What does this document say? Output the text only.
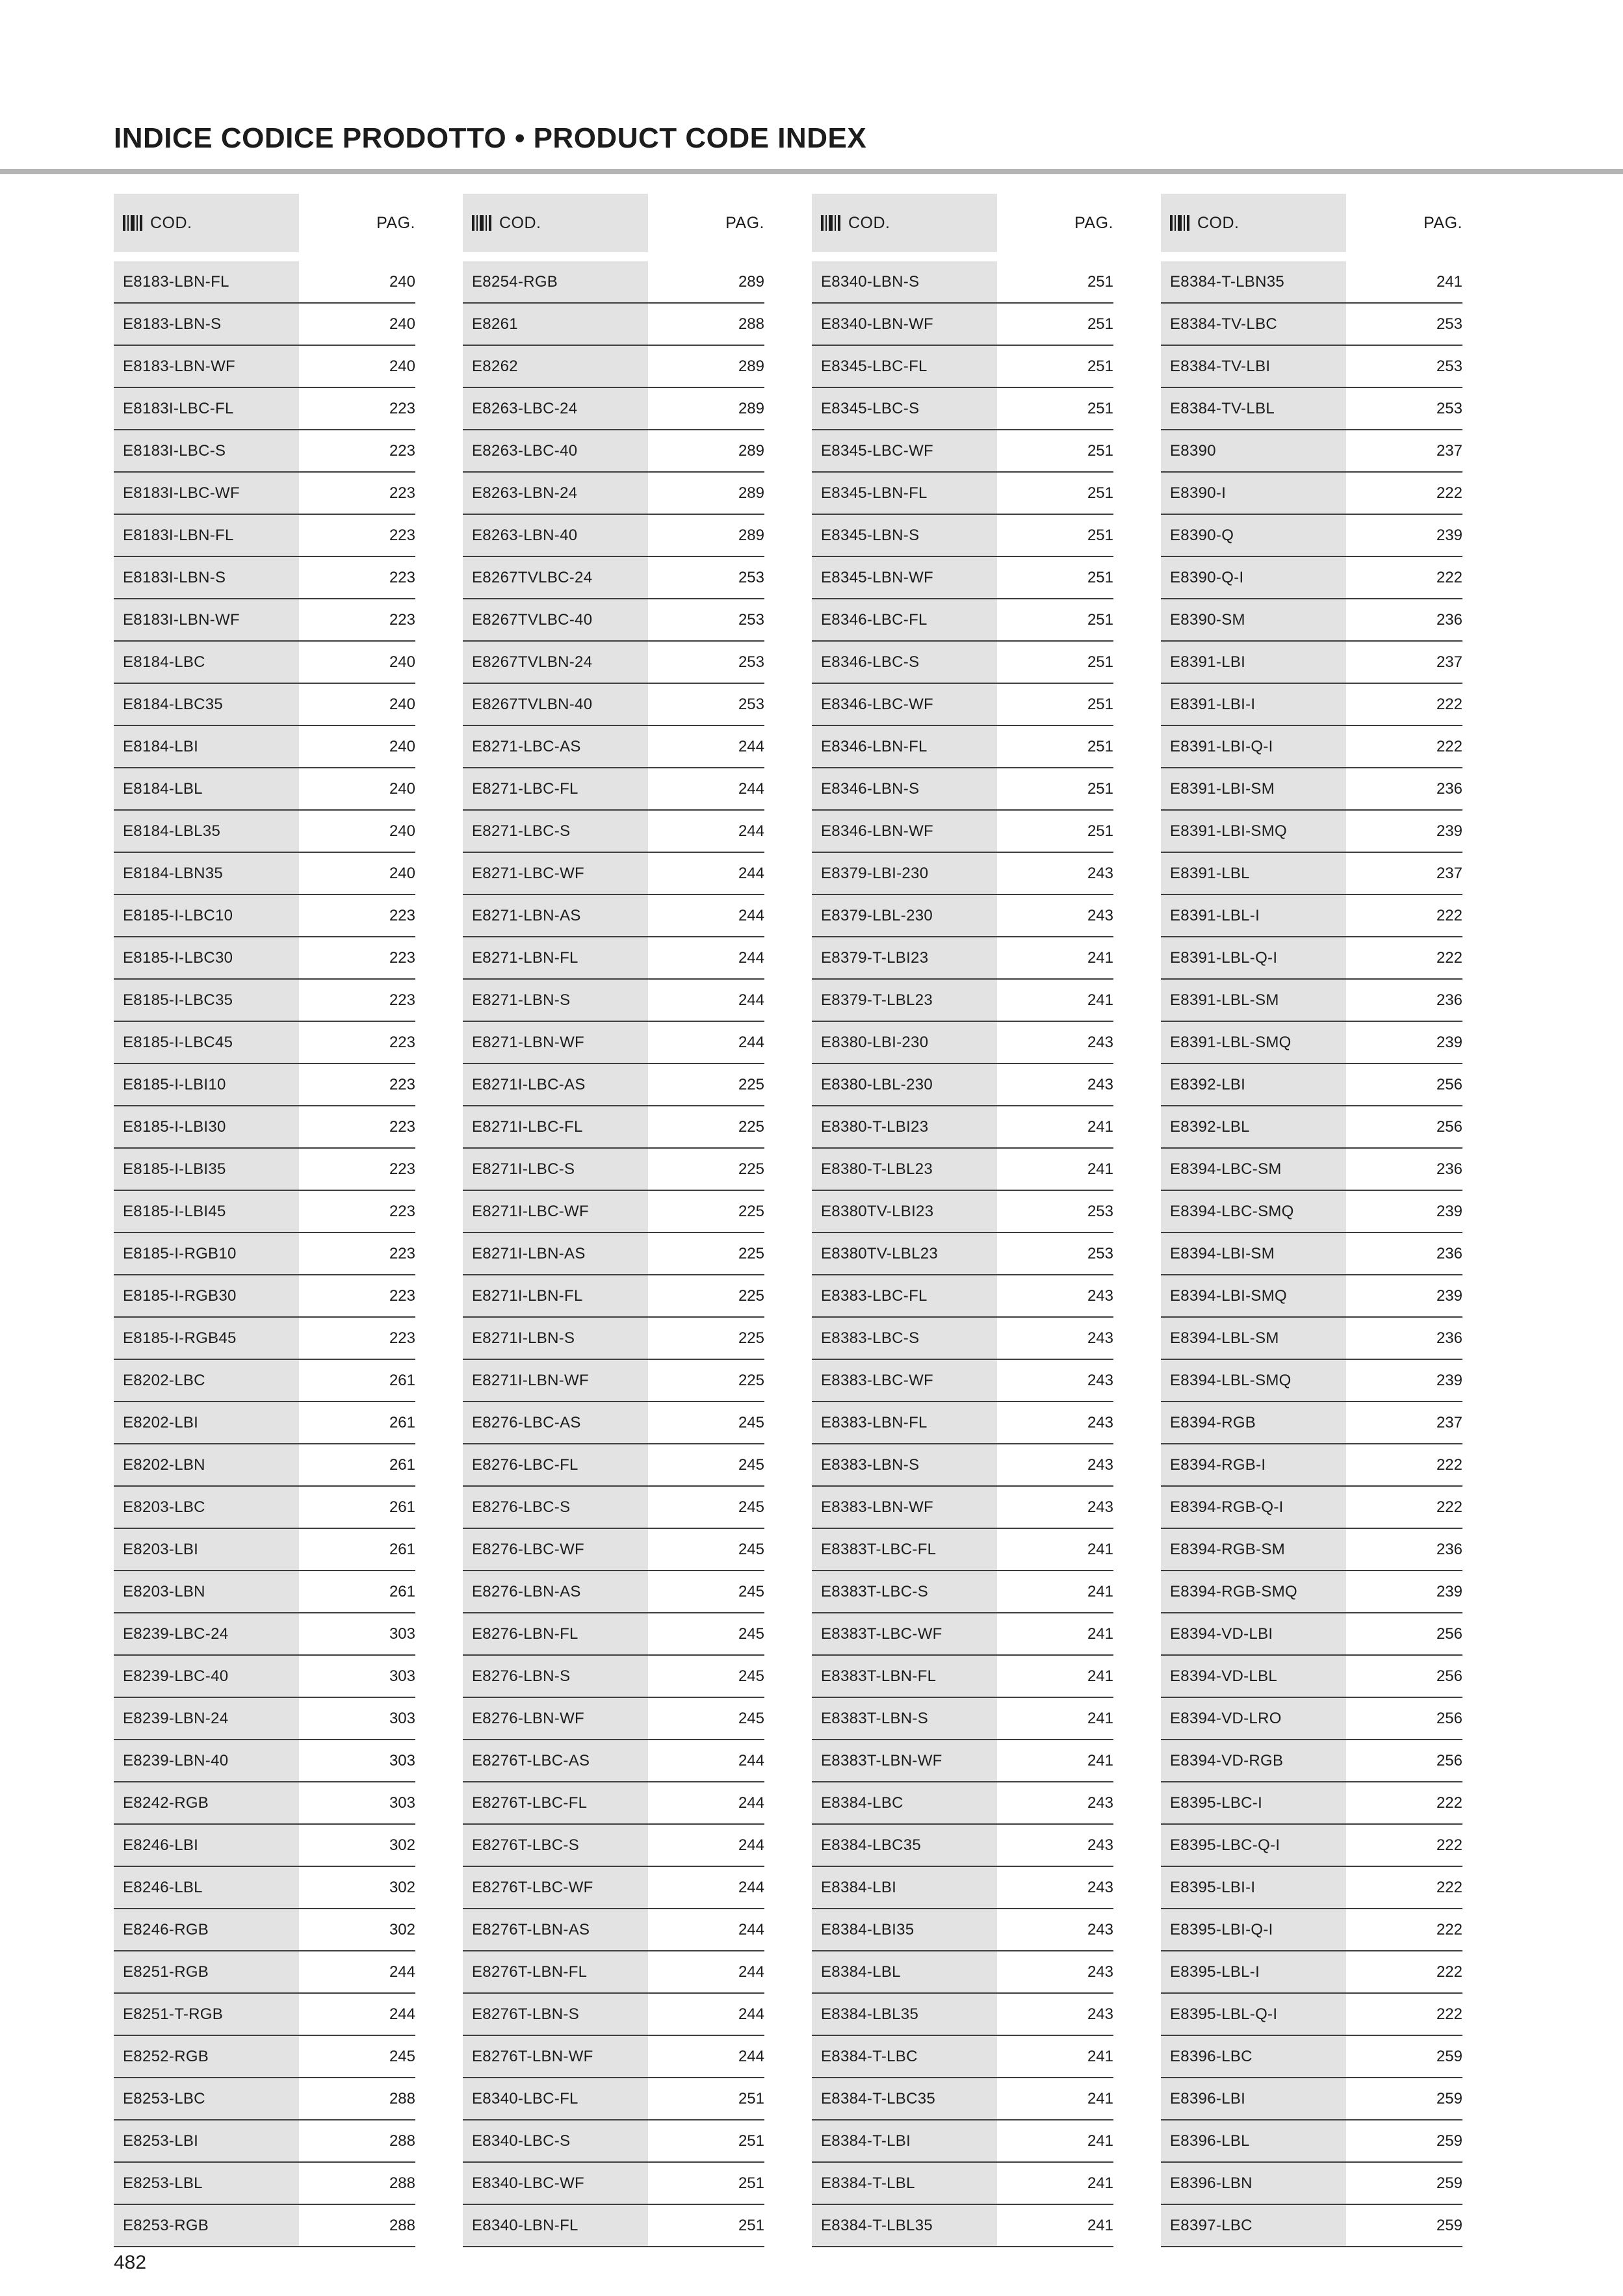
INDICE CODICE PRODOTTO • PRODUCT CODE INDEX
COD.	PAG.
E8183-LBN-FL	240
E8183-LBN-S	240
E8183-LBN-WF	240
E8183I-LBC-FL	223
E8183I-LBC-S	223
E8183I-LBC-WF	223
E8183I-LBN-FL	223
E8183I-LBN-S	223
E8183I-LBN-WF	223
E8184-LBC	240
E8184-LBC35	240
E8184-LBI	240
E8184-LBL	240
E8184-LBL35	240
E8184-LBN35	240
E8185-I-LBC10	223
E8185-I-LBC30	223
E8185-I-LBC35	223
E8185-I-LBC45	223
E8185-I-LBI10	223
E8185-I-LBI30	223
E8185-I-LBI35	223
E8185-I-LBI45	223
E8185-I-RGB10	223
E8185-I-RGB30	223
E8185-I-RGB45	223
E8202-LBC	261
E8202-LBI	261
E8202-LBN	261
E8203-LBC	261
E8203-LBI	261
E8203-LBN	261
E8239-LBC-24	303
E8239-LBC-40	303
E8239-LBN-24	303
E8239-LBN-40	303
E8242-RGB	303
E8246-LBI	302
E8246-LBL	302
E8246-RGB	302
E8251-RGB	244
E8251-T-RGB	244
E8252-RGB	245
E8253-LBC	288
E8253-LBI	288
E8253-LBL	288
E8253-RGB	288
COD.	PAG.
E8254-RGB	289
E8261	288
E8262	289
E8263-LBC-24	289
E8263-LBC-40	289
E8263-LBN-24	289
E8263-LBN-40	289
E8267TVLBC-24	253
E8267TVLBC-40	253
E8267TVLBN-24	253
E8267TVLBN-40	253
E8271-LBC-AS	244
E8271-LBC-FL	244
E8271-LBC-S	244
E8271-LBC-WF	244
E8271-LBN-AS	244
E8271-LBN-FL	244
E8271-LBN-S	244
E8271-LBN-WF	244
E8271I-LBC-AS	225
E8271I-LBC-FL	225
E8271I-LBC-S	225
E8271I-LBC-WF	225
E8271I-LBN-AS	225
E8271I-LBN-FL	225
E8271I-LBN-S	225
E8271I-LBN-WF	225
E8276-LBC-AS	245
E8276-LBC-FL	245
E8276-LBC-S	245
E8276-LBC-WF	245
E8276-LBN-AS	245
E8276-LBN-FL	245
E8276-LBN-S	245
E8276-LBN-WF	245
E8276T-LBC-AS	244
E8276T-LBC-FL	244
E8276T-LBC-S	244
E8276T-LBC-WF	244
E8276T-LBN-AS	244
E8276T-LBN-FL	244
E8276T-LBN-S	244
E8276T-LBN-WF	244
E8340-LBC-FL	251
E8340-LBC-S	251
E8340-LBC-WF	251
E8340-LBN-FL	251
COD.	PAG.
E8340-LBN-S	251
E8340-LBN-WF	251
E8345-LBC-FL	251
E8345-LBC-S	251
E8345-LBC-WF	251
E8345-LBN-FL	251
E8345-LBN-S	251
E8345-LBN-WF	251
E8346-LBC-FL	251
E8346-LBC-S	251
E8346-LBC-WF	251
E8346-LBN-FL	251
E8346-LBN-S	251
E8346-LBN-WF	251
E8379-LBI-230	243
E8379-LBL-230	243
E8379-T-LBI23	241
E8379-T-LBL23	241
E8380-LBI-230	243
E8380-LBL-230	243
E8380-T-LBI23	241
E8380-T-LBL23	241
E8380TV-LBI23	253
E8380TV-LBL23	253
E8383-LBC-FL	243
E8383-LBC-S	243
E8383-LBC-WF	243
E8383-LBN-FL	243
E8383-LBN-S	243
E8383-LBN-WF	243
E8383T-LBC-FL	241
E8383T-LBC-S	241
E8383T-LBC-WF	241
E8383T-LBN-FL	241
E8383T-LBN-S	241
E8383T-LBN-WF	241
E8384-LBC	243
E8384-LBC35	243
E8384-LBI	243
E8384-LBI35	243
E8384-LBL	243
E8384-LBL35	243
E8384-T-LBC	241
E8384-T-LBC35	241
E8384-T-LBI	241
E8384-T-LBL	241
E8384-T-LBL35	241
COD.	PAG.
E8384-T-LBN35	241
E8384-TV-LBC	253
E8384-TV-LBI	253
E8384-TV-LBL	253
E8390	237
E8390-I	222
E8390-Q	239
E8390-Q-I	222
E8390-SM	236
E8391-LBI	237
E8391-LBI-I	222
E8391-LBI-Q-I	222
E8391-LBI-SM	236
E8391-LBI-SMQ	239
E8391-LBL	237
E8391-LBL-I	222
E8391-LBL-Q-I	222
E8391-LBL-SM	236
E8391-LBL-SMQ	239
E8392-LBI	256
E8392-LBL	256
E8394-LBC-SM	236
E8394-LBC-SMQ	239
E8394-LBI-SM	236
E8394-LBI-SMQ	239
E8394-LBL-SM	236
E8394-LBL-SMQ	239
E8394-RGB	237
E8394-RGB-I	222
E8394-RGB-Q-I	222
E8394-RGB-SM	236
E8394-RGB-SMQ	239
E8394-VD-LBI	256
E8394-VD-LBL	256
E8394-VD-LRO	256
E8394-VD-RGB	256
E8395-LBC-I	222
E8395-LBC-Q-I	222
E8395-LBI-I	222
E8395-LBI-Q-I	222
E8395-LBL-I	222
E8395-LBL-Q-I	222
E8396-LBC	259
E8396-LBI	259
E8396-LBL	259
E8396-LBN	259
E8397-LBC	259
482
